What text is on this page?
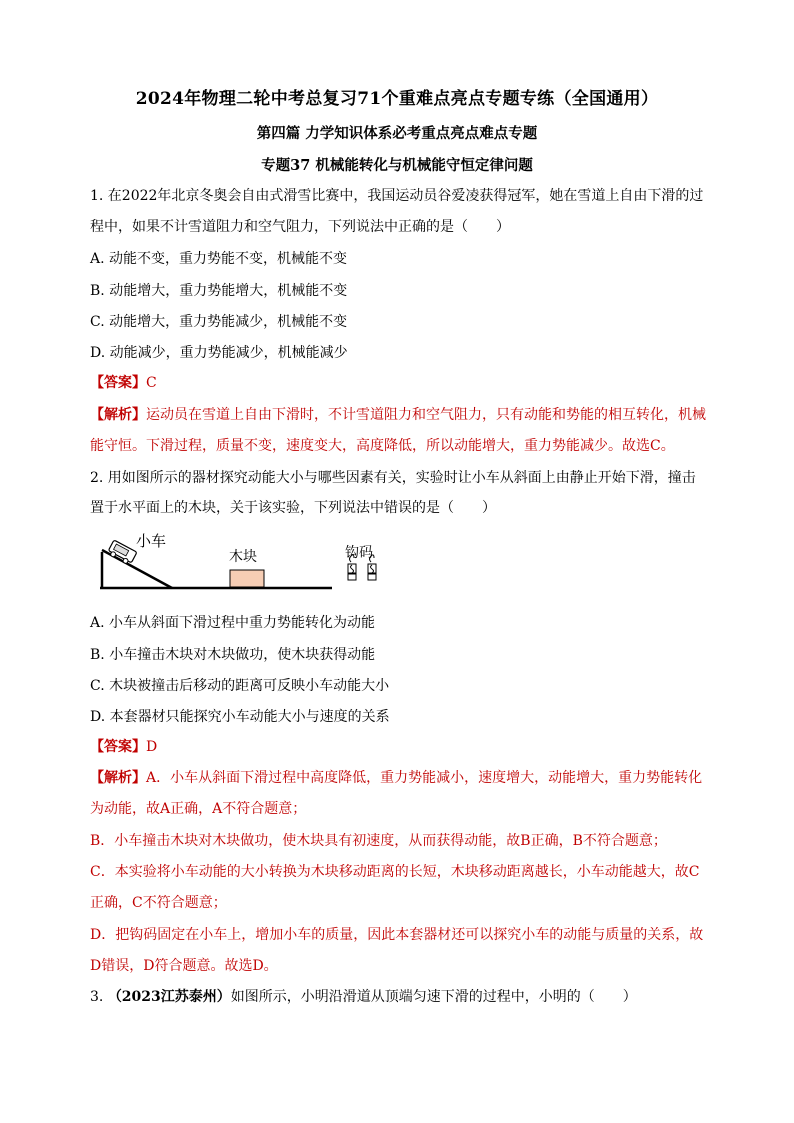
2024年物理二轮中考总复习71个重难点亮点专题专练（全国通用）
第四篇 力学知识体系必考重点亮点难点专题
专题37 机械能转化与机械能守恒定律问题
1. 在2022年北京冬奥会自由式滑雪比赛中，我国运动员谷爱凌获得冠军，她在雪道上自由下滑的过
程中，如果不计雪道阻力和空气阻力，下列说法中正确的是（　　）
A. 动能不变，重力势能不变，机械能不变
B. 动能增大，重力势能增大，机械能不变
C. 动能增大，重力势能减少，机械能不变
D. 动能减少，重力势能减少，机械能减少
【答案】C
【解析】运动员在雪道上自由下滑时，不计雪道阻力和空气阻力，只有动能和势能的相互转化，机械
能守恒。下滑过程，质量不变，速度变大，高度降低，所以动能增大，重力势能减少。故选C。
2. 用如图所示的器材探究动能大小与哪些因素有关，实验时让小车从斜面上由静止开始下滑，撞击
置于水平面上的木块，关于该实验，下列说法中错误的是（　　）
小车
木块	钩码
A. 小车从斜面下滑过程中重力势能转化为动能
B. 小车撞击木块对木块做功，使木块获得动能
C. 木块被撞击后移动的距离可反映小车动能大小
D. 本套器材只能探究小车动能大小与速度的关系
【答案】D
【解析】A．小车从斜面下滑过程中高度降低，重力势能减小，速度增大，动能增大，重力势能转化
为动能，故A正确，A不符合题意；
B．小车撞击木块对木块做功，使木块具有初速度，从而获得动能，故B正确，B不符合题意；
C．本实验将小车动能的大小转换为木块移动距离的长短，木块移动距离越长，小车动能越大，故C
正确，C不符合题意；
D．把钩码固定在小车上，增加小车的质量，因此本套器材还可以探究小车的动能与质量的关系，故
D错误，D符合题意。故选D。
3. （2023江苏泰州）如图所示，小明沿滑道从顶端匀速下滑的过程中，小明的（　　）
